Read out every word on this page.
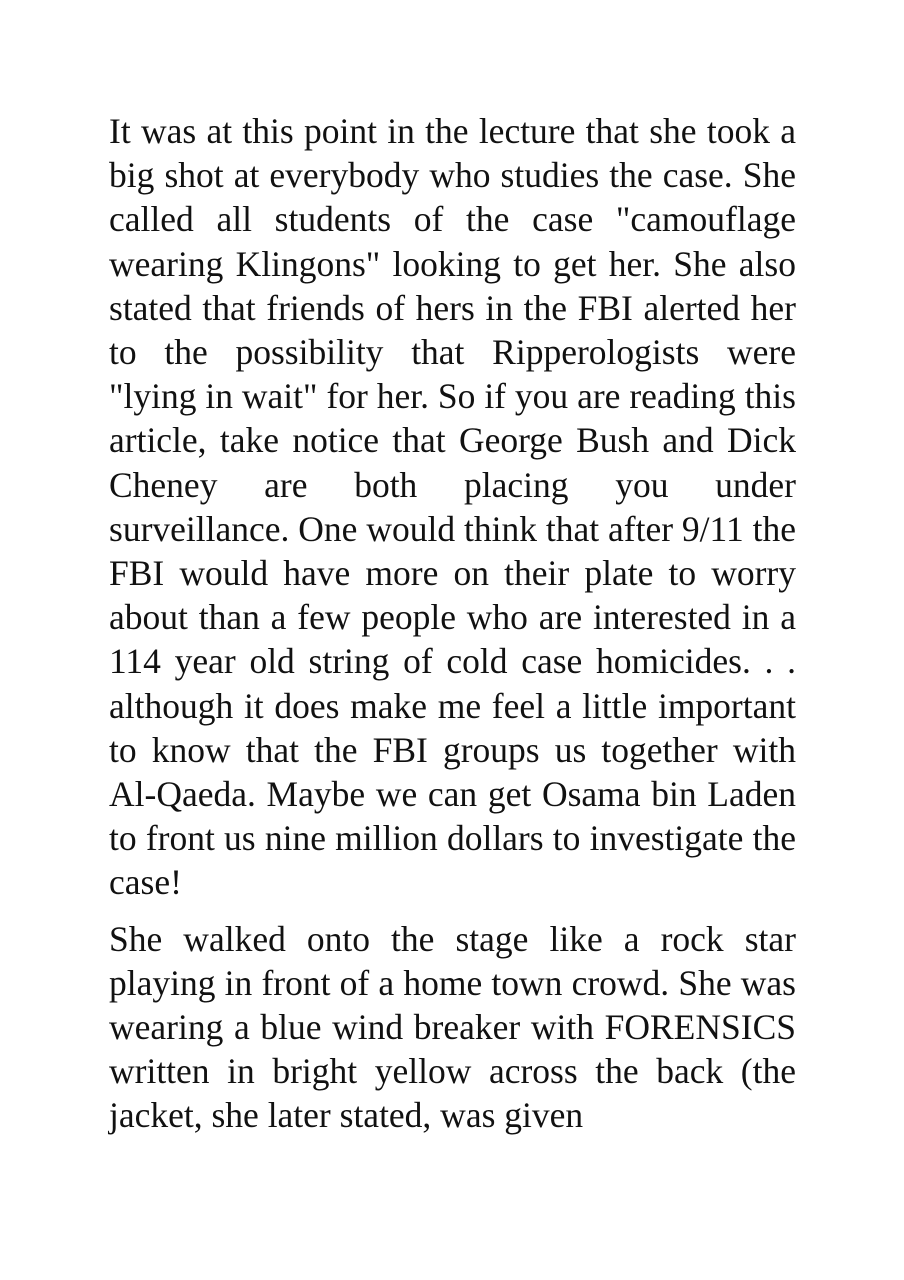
It was at this point in the lecture that she took a big shot at everybody who studies the case. She called all students of the case "camouflage wearing Klingons" looking to get her. She also stated that friends of hers in the FBI alerted her to the possibility that Ripperologists were "lying in wait" for her. So if you are reading this article, take notice that George Bush and Dick Cheney are both placing you under surveillance. One would think that after 9/11 the FBI would have more on their plate to worry about than a few people who are interested in a 114 year old string of cold case homicides. . . although it does make me feel a little important to know that the FBI groups us together with Al-Qaeda. Maybe we can get Osama bin Laden to front us nine million dollars to investigate the case!

She walked onto the stage like a rock star playing in front of a home town crowd. She was wearing a blue wind breaker with FORENSICS written in bright yellow across the back (the jacket, she later stated, was given
